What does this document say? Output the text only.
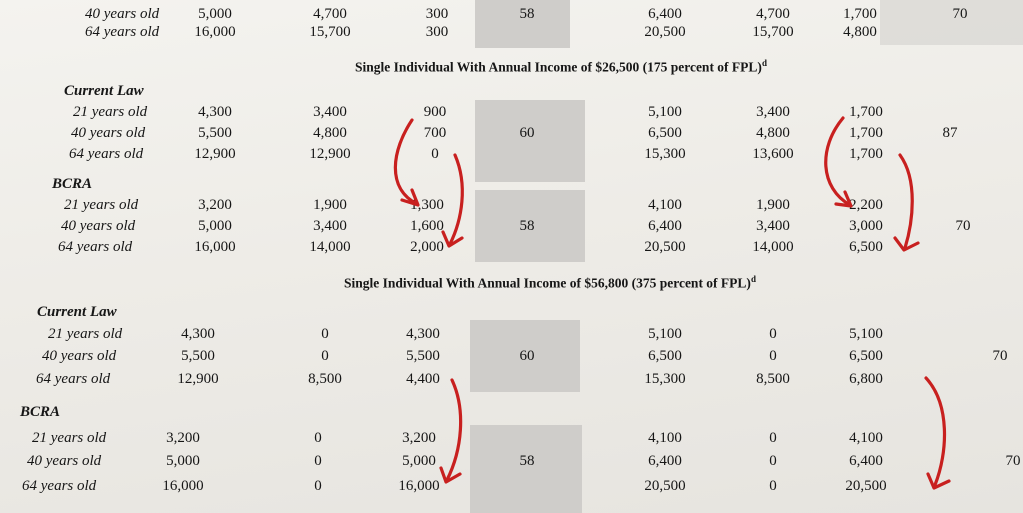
40 years old	5,000	4,700	300	58	6,400	4,700	1,700	70
64 years old 16,000	15,700	300	20,500	15,700	4,800
Single Individual With Annual Income of $26,500 (175 percent of FPL)$^d$
Current Law
21 years old	4,300	3,400	900	5,100	3,400	1,700
40 years old	5,500	4,800	700	60	6,500	4,800	1,700	87
64 years old	12,900	12,900	0	15,300	13,600	1,700
BCRA
21 years old	3,200	1,900	1,300	4,100	1,900	2,200
40 years old	5,000	3,400	1,600	58	6,400	3,400	3,000	70
64 years old	16,000	14,000	2,000	20,500	14,000	6,500
Single Individual With Annual Income of $56,800 (375 percent of FPL)$^d$
Current Law
21 years old	4,300	0	4,300	5,100	0	5,100
40 years old	5,500	0	5,500	60	6,500	0	6,500	70
64 years old	12,900	8,500	4,400	15,300	8,500	6,800
BCRA
21 years old	3,200	0	3,200	4,100	0	4,100
40 years old	5,000	0	5,000	58	6,400	0	6,400	70
64 years old	16,000	0	16,000	20,500	0	20,500
